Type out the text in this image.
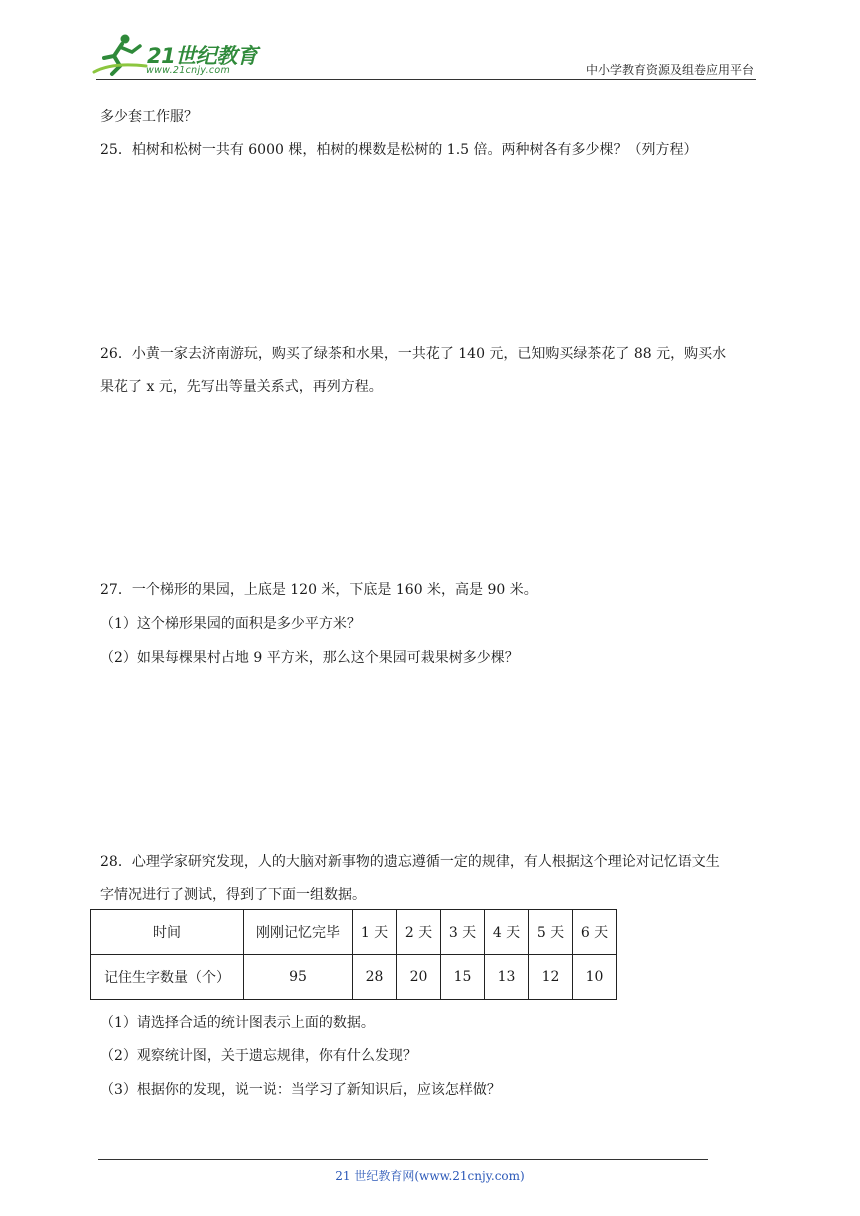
21世纪教育
www.21cnjy.com	中小学教育资源及组卷应用平台
多少套工作服？
25．柏树和松树一共有 6000 棵，柏树的棵数是松树的 1.5 倍。两种树各有多少棵？（列方程）
26．小黄一家去济南游玩，购买了绿茶和水果，一共花了 140 元，已知购买绿茶花了 88 元，购买水
果花了 x 元，先写出等量关系式，再列方程。
27．一个梯形的果园，上底是 120 米，下底是 160 米，高是 90 米。
（1）这个梯形果园的面积是多少平方米？
（2）如果每棵果村占地 9 平方米，那么这个果园可栽果树多少棵？
28．心理学家研究发现，人的大脑对新事物的遗忘遵循一定的规律，有人根据这个理论对记忆语文生
字情况进行了测试，得到了下面一组数据。
时间	刚刚记忆完毕	1 天	2 天	3 天	4 天	5 天	6 天
记住生字数量（个）	95	28	20	15	13	12	10
（1）请选择合适的统计图表示上面的数据。
（2）观察统计图，关于遗忘规律，你有什么发现？
（3）根据你的发现，说一说：当学习了新知识后，应该怎样做？
21 世纪教育网(www.21cnjy.com)
